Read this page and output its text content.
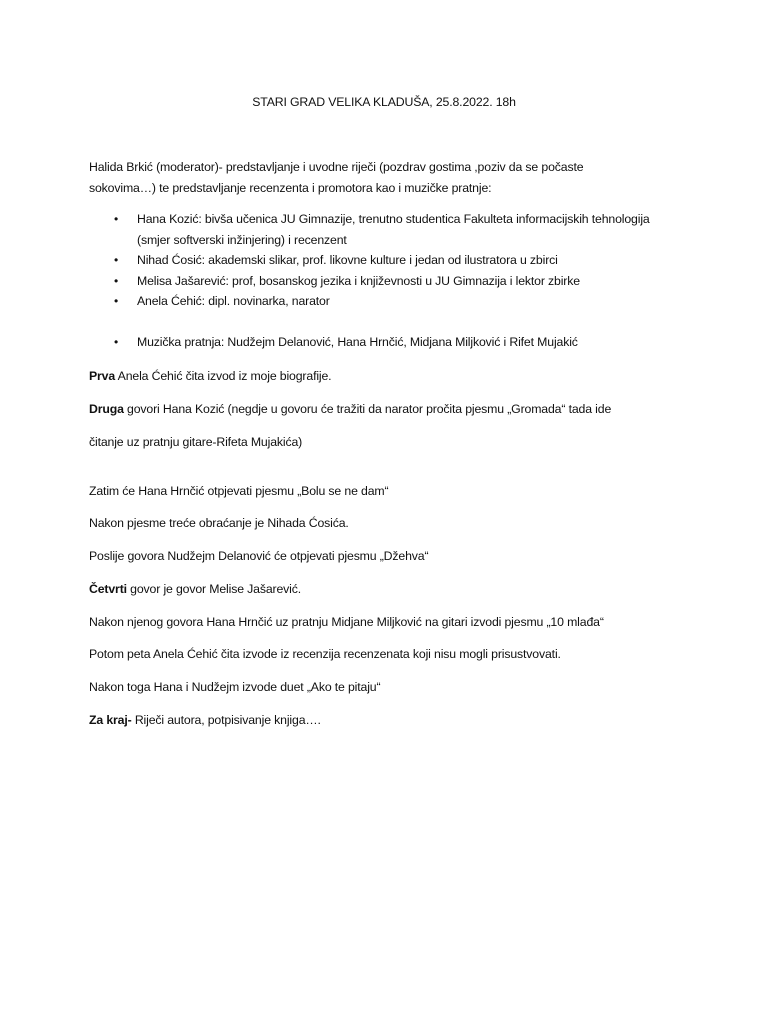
STARI GRAD VELIKA KLADUŠA, 25.8.2022. 18h
Halida Brkić (moderator)- predstavljanje i uvodne riječi (pozdrav gostima ,poziv da se počaste
sokovima…) te predstavljanje recenzenta i promotora kao i muzičke pratnje:
• Hana Kozić: bivša učenica JU Gimnazije, trenutno studentica Fakulteta informacijskih tehnologija
(smjer softverski inžinjering) i recenzent
• Nihad Ćosić: akademski slikar, prof. likovne kulture i jedan od ilustratora u zbirci
• Melisa Jašarević: prof, bosanskog jezika i književnosti u JU Gimnazija i lektor zbirke
• Anela Ćehić: dipl. novinarka, narator
• Muzička pratnja: Nudžejm Delanović, Hana Hrnčić, Midjana Miljković i Rifet Mujakić
Prva Anela Ćehić čita izvod iz moje biografije.
Druga govori Hana Kozić (negdje u govoru će tražiti da narator pročita pjesmu „Gromada“ tada ide
čitanje uz pratnju gitare-Rifeta Mujakića)
Zatim će Hana Hrnčić otpjevati pjesmu „Bolu se ne dam“
Nakon pjesme treće obraćanje je Nihada Ćosića.
Poslije govora Nudžejm Delanović će otpjevati pjesmu „Džehva“
Četvrti govor je govor Melise Jašarević.
Nakon njenog govora Hana Hrnčić uz pratnju Midjane Miljković na gitari izvodi pjesmu „10 mlađa“
Potom peta Anela Ćehić čita izvode iz recenzija recenzenata koji nisu mogli prisustvovati.
Nakon toga Hana i Nudžejm izvode duet „Ako te pitaju“
Za kraj- Riječi autora, potpisivanje knjiga….
